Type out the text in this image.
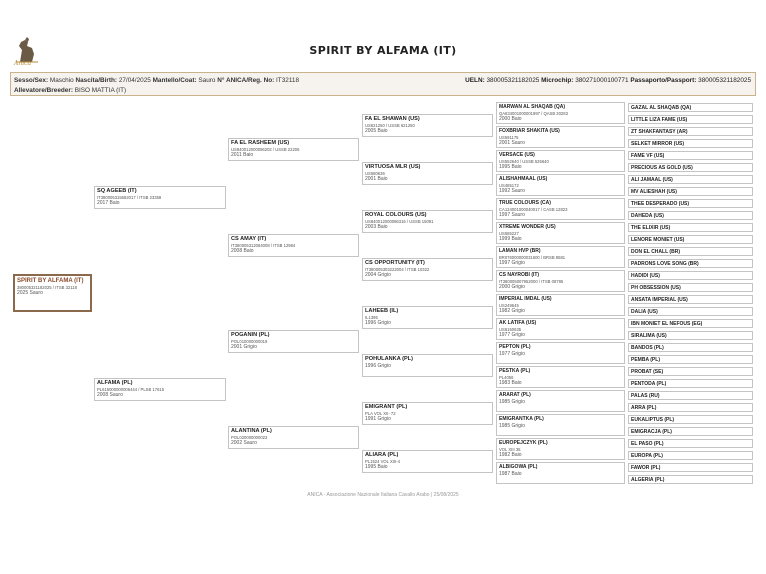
Anica
SPIRIT BY ALFAMA (IT)
Sesso/Sex: Maschio Nascita/Birth: 27/04/2025 Mantello/Coat: Sauro N° ANICA/Reg. No: IT32118	UELN: 380005321182025 Microchip: 380271000100771 Passaporto/Passport: 380005321182025
Allevatore/Breeder: BISO MATTIA (IT)
SPIRIT BY ALFAMA (IT)
380005321182025 / ITSB 32118
2025 Sauro
SQ AGEEB (IT)
IT380005315582017 / ITSB 23358
2017 Baio
ALFAMA (PL)
PL616000000006444 / PLSB 17615
2008 Sauro
FA EL RASHEEM (US)
US840012000056202 / USSB 22206
2011 Baio
CS AMAY (IT)
IT380005312084008 / ITSB 12984
2008 Baio
POGANIN (PL)
POL010000000019
2001 Grigio
ALANTINA (PL)
POL020000000023
2002 Sauro
FA EL SHAWAN (US)
US621250 / USSB 621250
2005 Baio
VIRTUOSA MLR (US)
US580636
2001 Baio
ROYAL COLOURS (US)
US840012000086316 / USSB 15091
2003 Baio
CS OPPORTUNITY (IT)
IT380005303222004 / ITSB 10322
2004 Grigio
LAHEEB (IL)
IL1395
1996 Grigio
POHULANKA (PL)
1996 Grigio
EMIGRANT (PL)
PLA VOL XII- 72
1991 Grigio
ALIARA (PL)
PL1524 VOL XIII-4
1995 Baio
MARWAN AL SHAQAB (QA)
QA634001000001997 / QASB 20283
2000 Baio
FOXBRIAR SHAKITA (US)
US591175
2001 Sauro
VERSACE (US)
US552640 / USSB 525640
1995 Baio
ALISHAHMAAL (US)
US485172
1992 Sauro
TRUE COLOURS (CA)
CA124001000040017 / CASB 12823
1997 Sauro
XTREME WONDER (US)
US585227
1999 Baio
LAMAN HVP (BR)
BR076000000031600 / BRSB 8581
1997 Grigio
CS NAYROBI (IT)
IT380005007952000 / ITSB 08795
2000 Grigio
IMPERIAL IMDAL (US)
US249645
1982 Grigio
AK LATIFA (US)
US6150635
1977 Grigio
PEPTON (PL)
1977 Grigio
PESTKA (PL)
PL4056
1983 Baio
ARARAT (PL)
1985 Grigio
EMIGRANTKA (PL)
1985 Grigio
EUROPEJCZYK (PL)
VOL XIII 35
1982 Baio
ALBIGOWA (PL)
1987 Baio
GAZAL AL SHAQAB (QA)
LITTLE LIZA FAME (US)
ZT SHAKFANTASY (AR)
SELKET MIRROR (US)
FAME VF (US)
PRECIOUS AS GOLD (US)
ALI JAMAAL (US)
MV ALIESHAH (US)
THEE DESPERADO (US)
DAHEDA (US)
THE ELIXIR (US)
LENORE MONIET (US)
DON EL CHALL (BR)
PADRONS LOVE SONG (BR)
HADIDI (US)
PH OBSESSION (US)
ANSATA IMPERIAL (US)
DALIA (US)
IBN MONIET EL NEFOUS (EG)
SIRALIMA (US)
BANDOS (PL)
PEMBA (PL)
PROBAT (SE)
PENTODA (PL)
PALAS (RU)
ARRA (PL)
EUKALIPTUS (PL)
EMIGRACJA (PL)
EL PASO (PL)
EUROPA (PL)
FAWOR (PL)
ALGERIA (PL)
ANICA - Associazione Nazionale Italiana Cavallo Arabo | 25/08/2025
